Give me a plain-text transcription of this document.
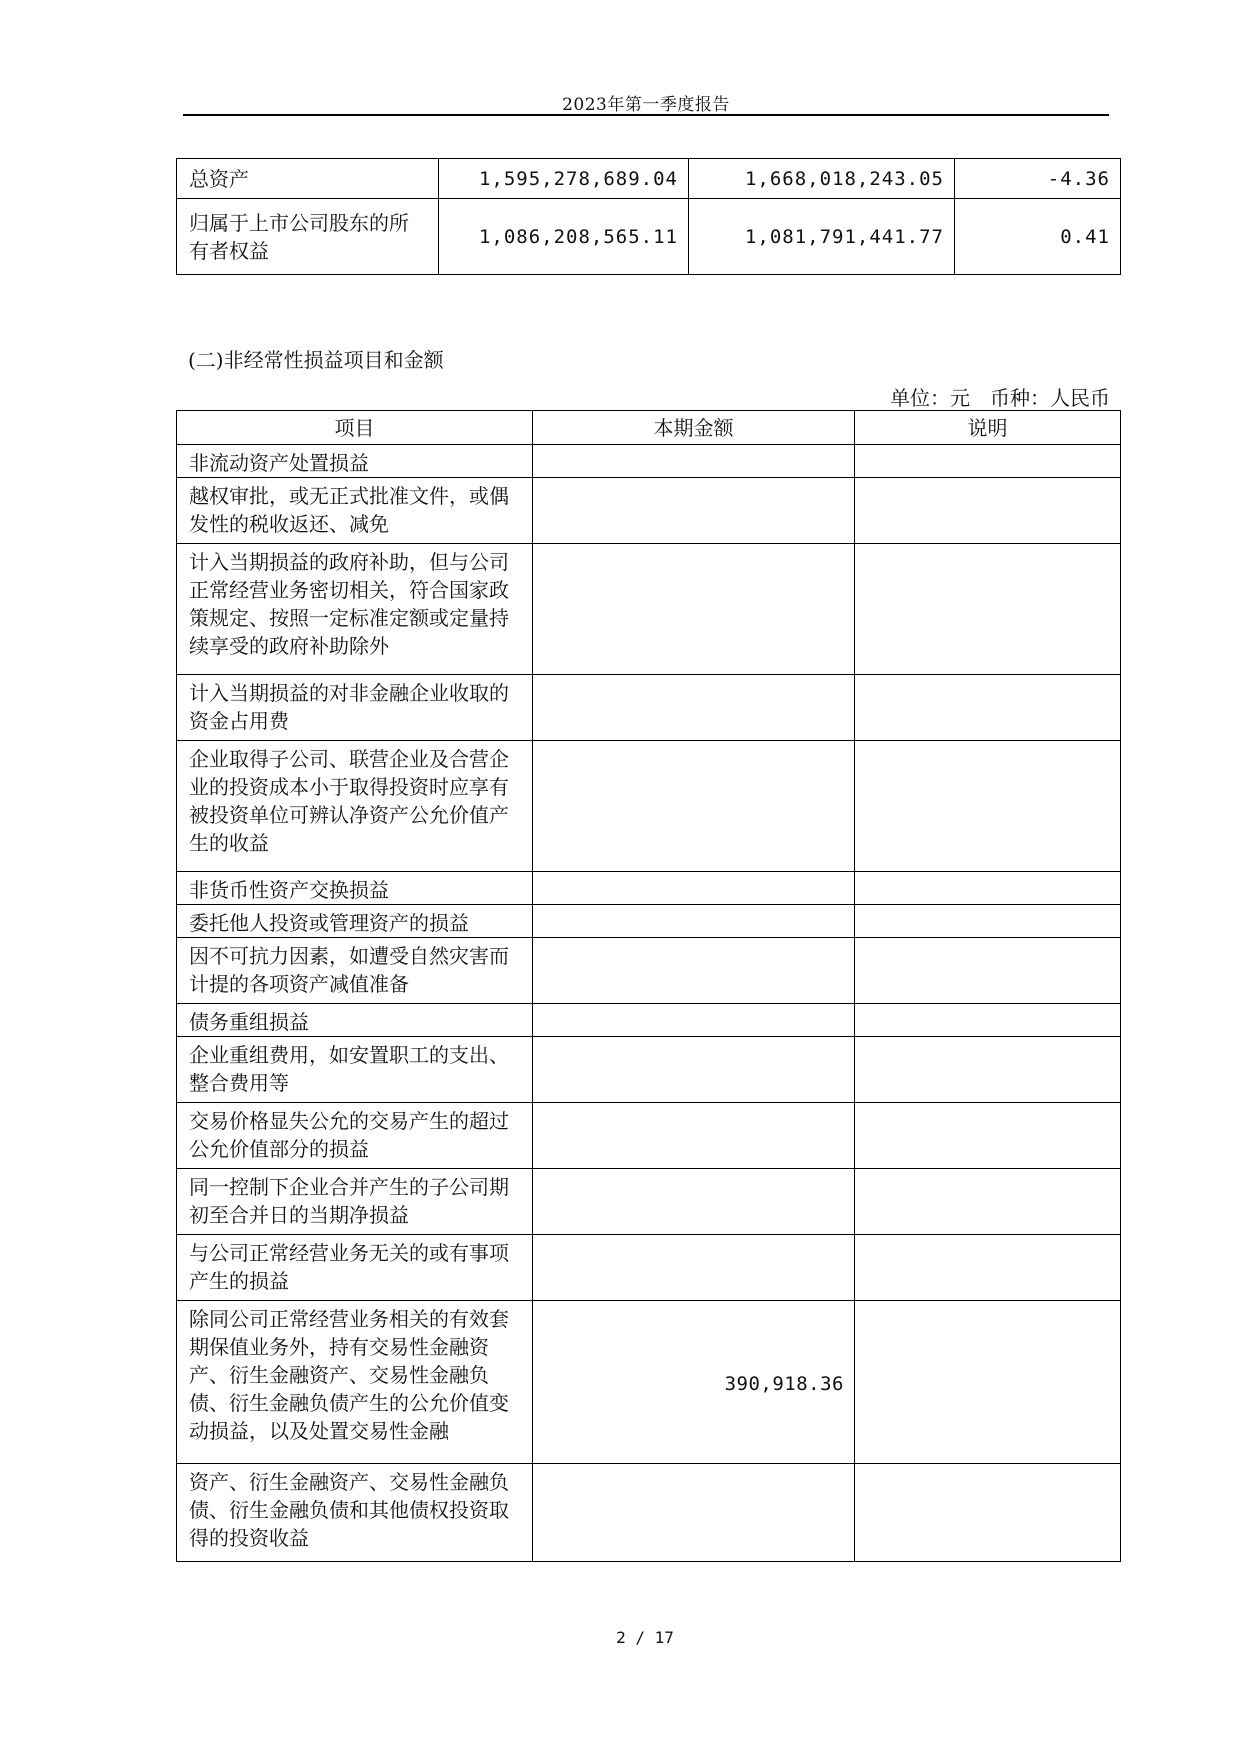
2023年第一季度报告
总资产	1,595,278,689.04	1,668,018,243.05	-4.36
归属于上市公司股东的所有者权益	1,086,208,565.11	1,081,791,441.77	0.41
(二)非经常性损益项目和金额
单位：元　币种：人民币
项目	本期金额	说明
非流动资产处置损益		
越权审批，或无正式批准文件，或偶发性的税收返还、减免		
计入当期损益的政府补助，但与公司正常经营业务密切相关，符合国家政策规定、按照一定标准定额或定量持续享受的政府补助除外		
计入当期损益的对非金融企业收取的资金占用费		
企业取得子公司、联营企业及合营企业的投资成本小于取得投资时应享有被投资单位可辨认净资产公允价值产生的收益		
非货币性资产交换损益		
委托他人投资或管理资产的损益		
因不可抗力因素，如遭受自然灾害而计提的各项资产减值准备		
债务重组损益		
企业重组费用，如安置职工的支出、整合费用等		
交易价格显失公允的交易产生的超过公允价值部分的损益		
同一控制下企业合并产生的子公司期初至合并日的当期净损益		
与公司正常经营业务无关的或有事项产生的损益		
除同公司正常经营业务相关的有效套期保值业务外，持有交易性金融资产、衍生金融资产、交易性金融负债、衍生金融负债产生的公允价值变动损益，以及处置交易性金融	390,918.36	
资产、衍生金融资产、交易性金融负债、衍生金融负债和其他债权投资取得的投资收益		
2 / 17
